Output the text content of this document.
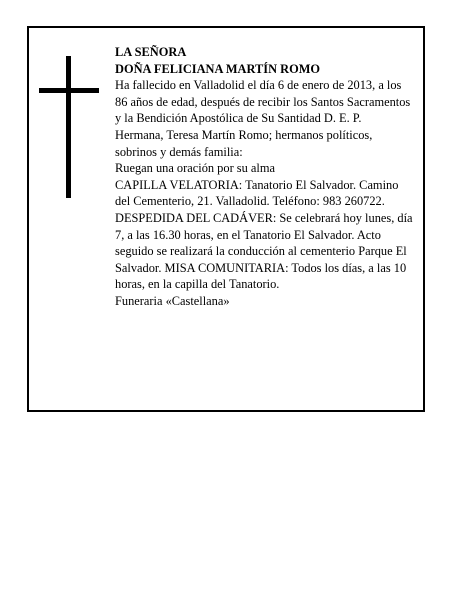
LA SEÑORA

DOÑA FELICIANA MARTÍN ROMO

Ha fallecido en Valladolid el día 6 de enero de 2013, a los 86 años de edad, después de recibir los Santos Sacramentos y la Bendición Apostólica de Su Santidad D. E. P.

Hermana, Teresa Martín Romo; hermanos políticos, sobrinos y demás familia:

Ruegan una oración por su alma

CAPILLA VELATORIA: Tanatorio El Salvador. Camino del Cementerio, 21. Valladolid. Teléfono: 983 260722.

DESPEDIDA DEL CADÁVER: Se celebrará hoy lunes, día 7, a las 16.30 horas, en el Tanatorio El Salvador. Acto seguido se realizará la conducción al cementerio Parque El Salvador. MISA COMUNITARIA: Todos los días, a las 10 horas, en la capilla del Tanatorio.

Funeraria «Castellana»
